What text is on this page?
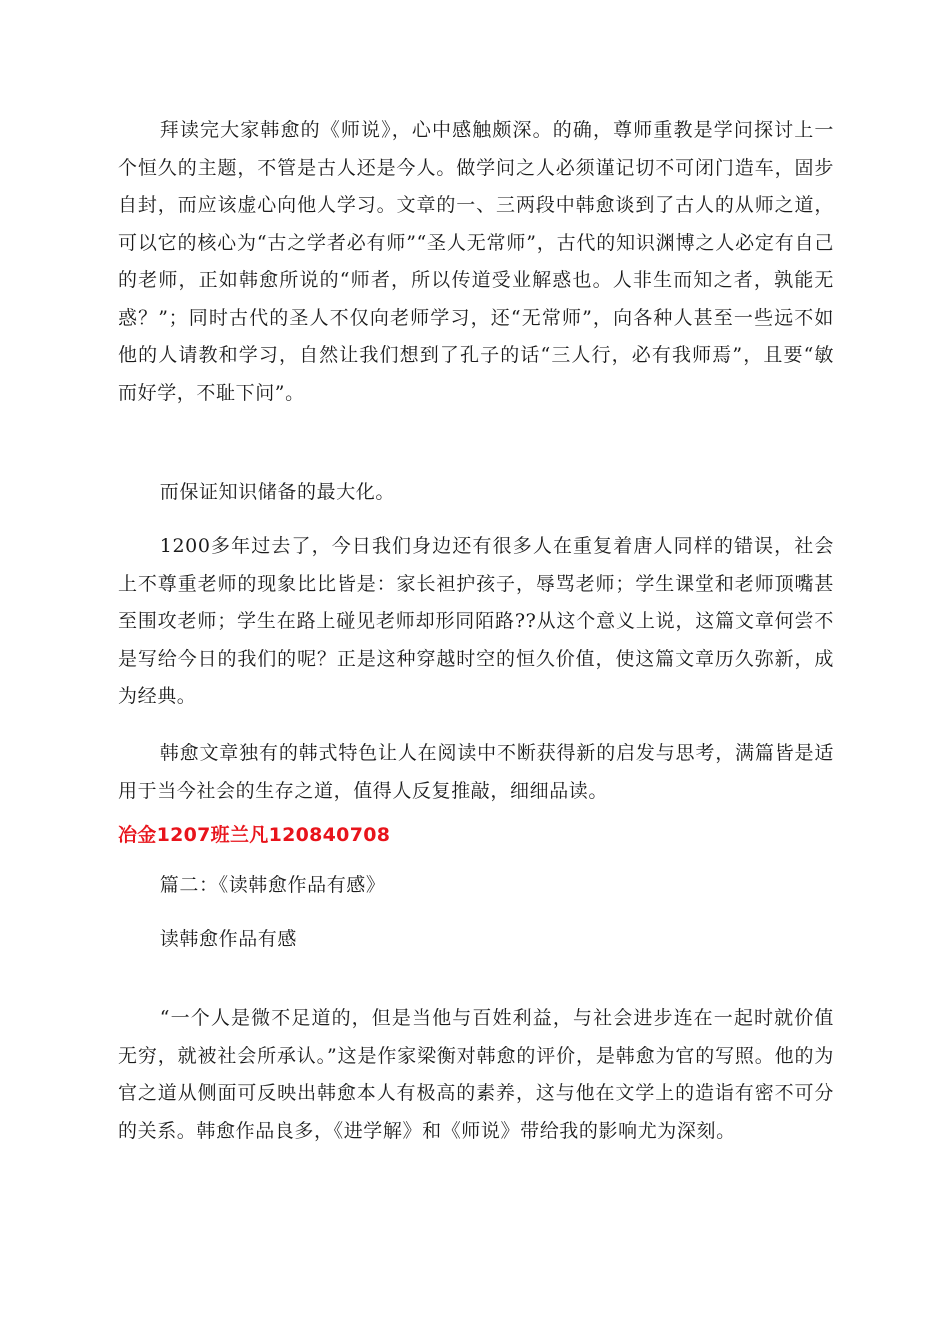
拜读完大家韩愈的《师说》，心中感触颇深。的确，尊师重教是学问探讨上一个恒久的主题，不管是古人还是今人。做学问之人必须谨记切不可闭门造车，固步自封，而应该虚心向他人学习。文章的一、三两段中韩愈谈到了古人的从师之道，可以它的核心为“古之学者必有师”“圣人无常师”，古代的知识渊博之人必定有自己的老师，正如韩愈所说的“师者，所以传道受业解惑也。人非生而知之者，孰能无惑？”；同时古代的圣人不仅向老师学习，还“无常师”，向各种人甚至一些远不如他的人请教和学习，自然让我们想到了孔子的话“三人行，必有我师焉”，且要“敏而好学，不耻下问”。

而保证知识储备的最大化。

1200多年过去了，今日我们身边还有很多人在重复着唐人同样的错误，社会上不尊重老师的现象比比皆是：家长袒护孩子，辱骂老师；学生课堂和老师顶嘴甚至围攻老师；学生在路上碰见老师却形同陌路??从这个意义上说，这篇文章何尝不是写给今日的我们的呢？正是这种穿越时空的恒久价值，使这篇文章历久弥新，成为经典。

韩愈文章独有的韩式特色让人在阅读中不断获得新的启发与思考，满篇皆是适用于当今社会的生存之道，值得人反复推敲，细细品读。

冶金1207班兰凡120840708

篇二：《读韩愈作品有感》

读韩愈作品有感

“一个人是微不足道的，但是当他与百姓利益，与社会进步连在一起时就价值无穷，就被社会所承认。”这是作家梁衡对韩愈的评价，是韩愈为官的写照。他的为官之道从侧面可反映出韩愈本人有极高的素养，这与他在文学上的造诣有密不可分的关系。韩愈作品良多，《进学解》和《师说》带给我的影响尤为深刻。
